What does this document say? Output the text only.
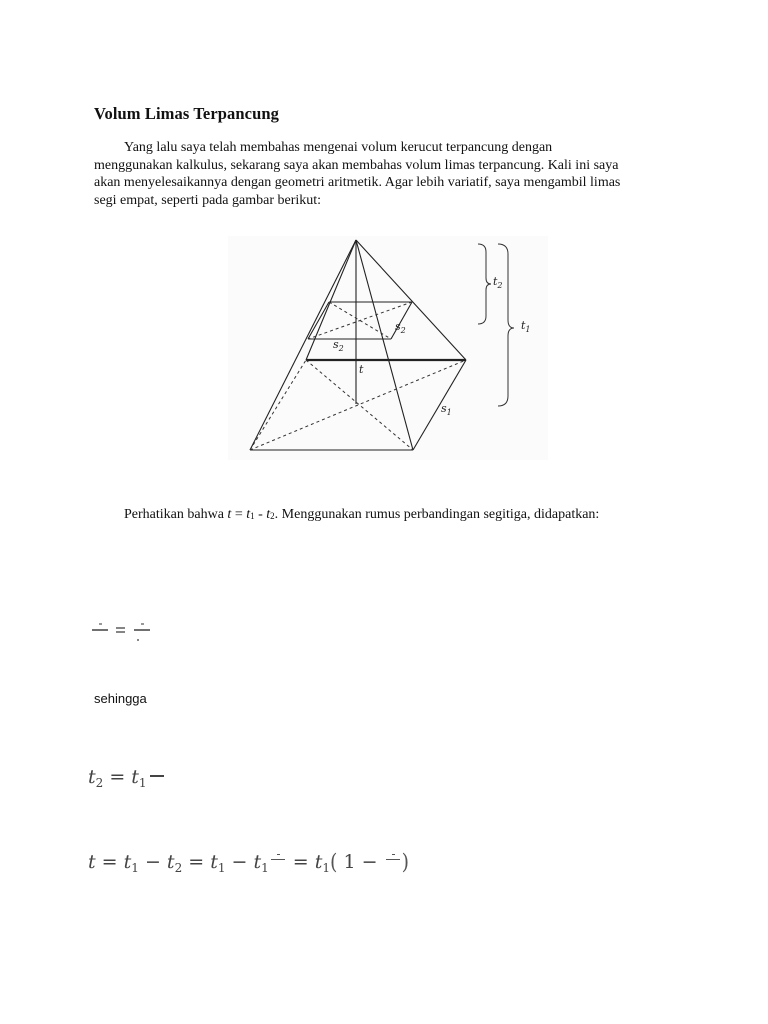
Volum Limas Terpancung
Yang lalu saya telah membahas mengenai volum kerucut terpancung dengan
menggunakan kalkulus, sekarang saya akan membahas volum limas terpancung. Kali ini saya
akan menyelesaikannya dengan geometri aritmetik. Agar lebih variatif, saya mengambil limas
segi empat, seperti pada gambar berikut:
$t_2$
$t_1$
$s_2$
$s_2$
t
$s_1$
Perhatikan bahwa $t = t_1 - t_2$. Menggunakan rumus perbandingan segitiga, didapatkan:
sehingga
$t_2 = t_1$
$t = t_1 - t_2 = t_1 - t_1$
= $t_1$( 1 −
)
